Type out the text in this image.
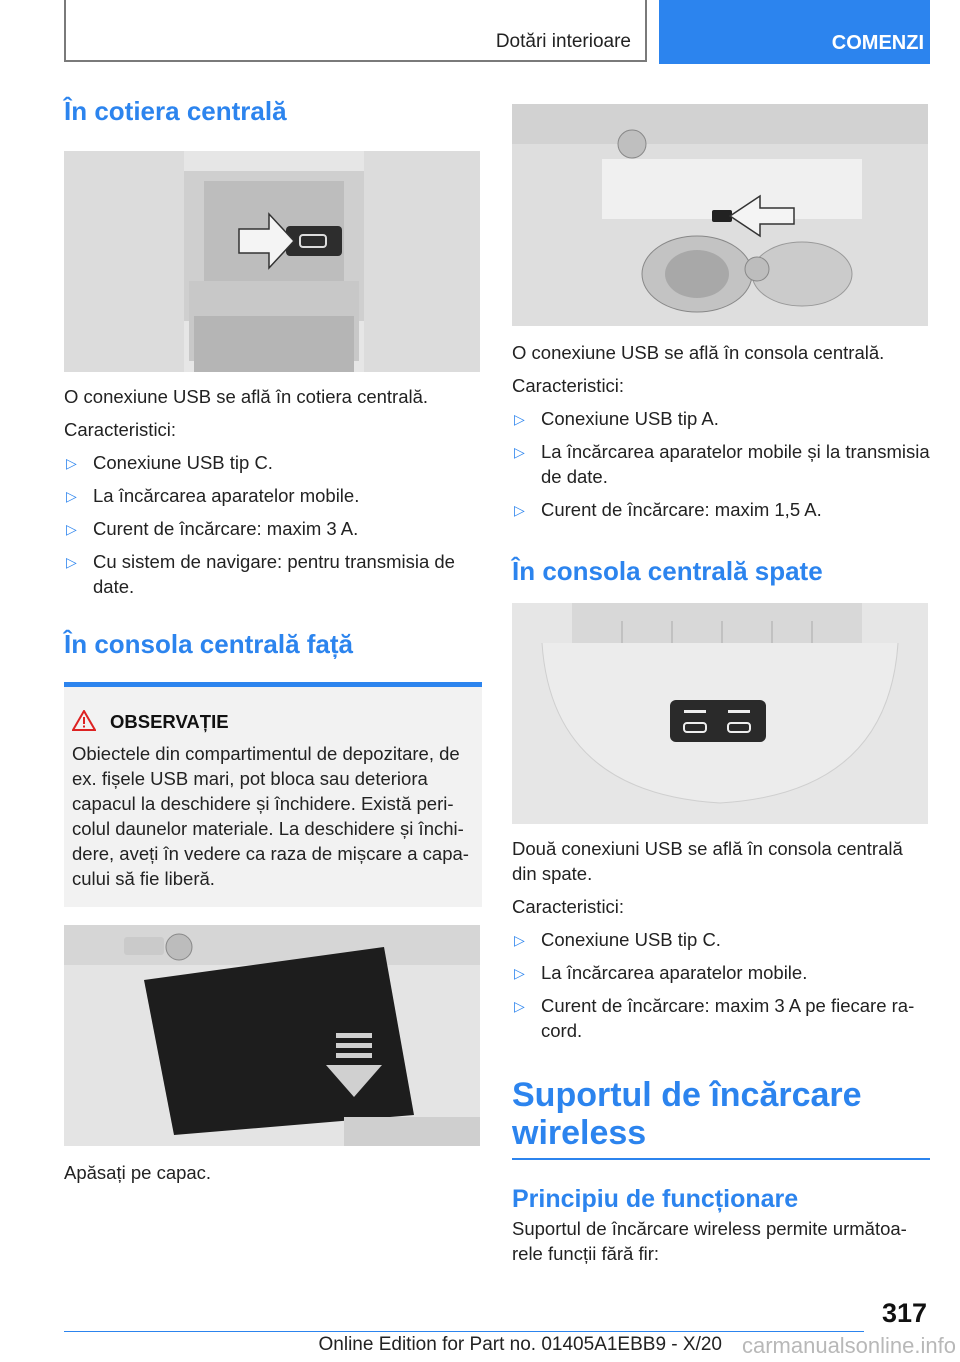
Dotări interioare	COMENZI
În cotiera centrală

O conexiune USB se află în cotiera centrală.

Caracteristici:

▷ Conexiune USB tip C.
▷ La încărcarea aparatelor mobile.
▷ Curent de încărcare: maxim 3 A.
▷ Cu sistem de navigare: pentru transmisia de date.
În consola centrală față
OBSERVAȚIE

Obiectele din compartimentul de depozitare, de ex. fișele USB mari, pot bloca sau deteriora capacul la deschidere și închidere. Există pericolul daunelor materiale. La deschidere și închidere, aveți în vedere ca raza de mișcare a capacului să fie liberă.

Apăsați pe capac.

O conexiune USB se află în consola centrală.

Caracteristici:

▷ Conexiune USB tip A.
▷ La încărcarea aparatelor mobile și la transmisia de date.
▷ Curent de încărcare: maxim 1,5 A.
În consola centrală spate

Două conexiuni USB se află în consola centrală din spate.

Caracteristici:

▷ Conexiune USB tip C.
▷ La încărcarea aparatelor mobile.
▷ Curent de încărcare: maxim 3 A pe fiecare racord.
Suportul de încărcare wireless
Principiu de funcționare

Suportul de încărcare wireless permite următoarele funcții fără fir:

317
Online Edition for Part no. 01405A1EBB9 - X/20 carmanualsonline.info
